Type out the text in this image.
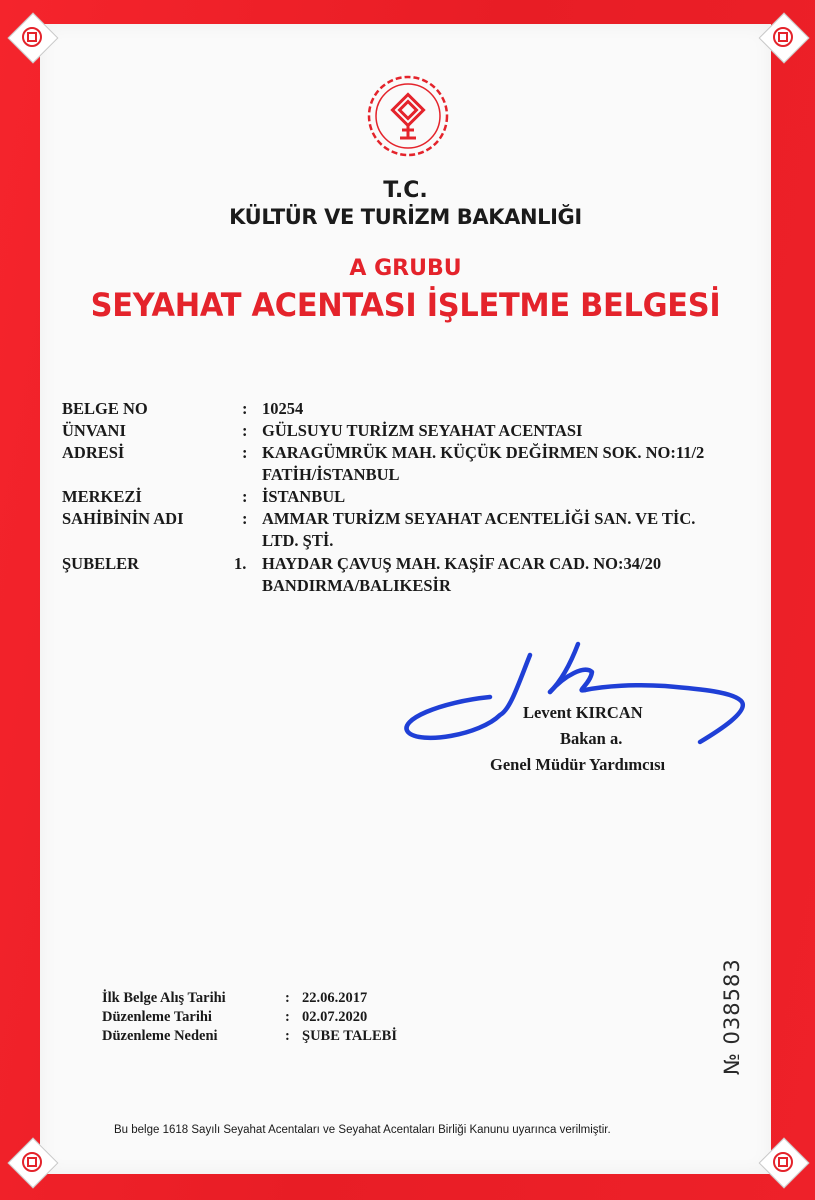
T.C.
KÜLTÜR VE TURİZM BAKANLIĞI
A GRUBU
SEYAHAT ACENTASI İŞLETME BELGESİ
BELGE NO	: 10254
ÜNVANI	: GÜLSUYU TURİZM SEYAHAT ACENTASI
ADRESİ	: KARAGÜMRÜK MAH. KÜÇÜK DEĞİRMEN SOK. NO:11/2
FATİH/İSTANBUL
MERKEZİ	: İSTANBUL
SAHİBİNİN ADI	: AMMAR TURİZM SEYAHAT ACENTELİĞİ SAN. VE TİC.
LTD. ŞTİ.
ŞUBELER	1. HAYDAR ÇAVUŞ MAH. KAŞİF ACAR CAD. NO:34/20
BANDIRMA/BALIKESİR
Levent KIRCAN
Bakan a.
Genel Müdür Yardımcısı
İlk Belge Alış Tarihi	: 22.06.2017
Düzenleme Tarihi	: 02.07.2020
Düzenleme Nedeni	: ŞUBE TALEBİ
Bu belge 1618 Sayılı Seyahat Acentaları ve Seyahat Acentaları Birliği Kanunu uyarınca verilmiştir.
№ 038583
